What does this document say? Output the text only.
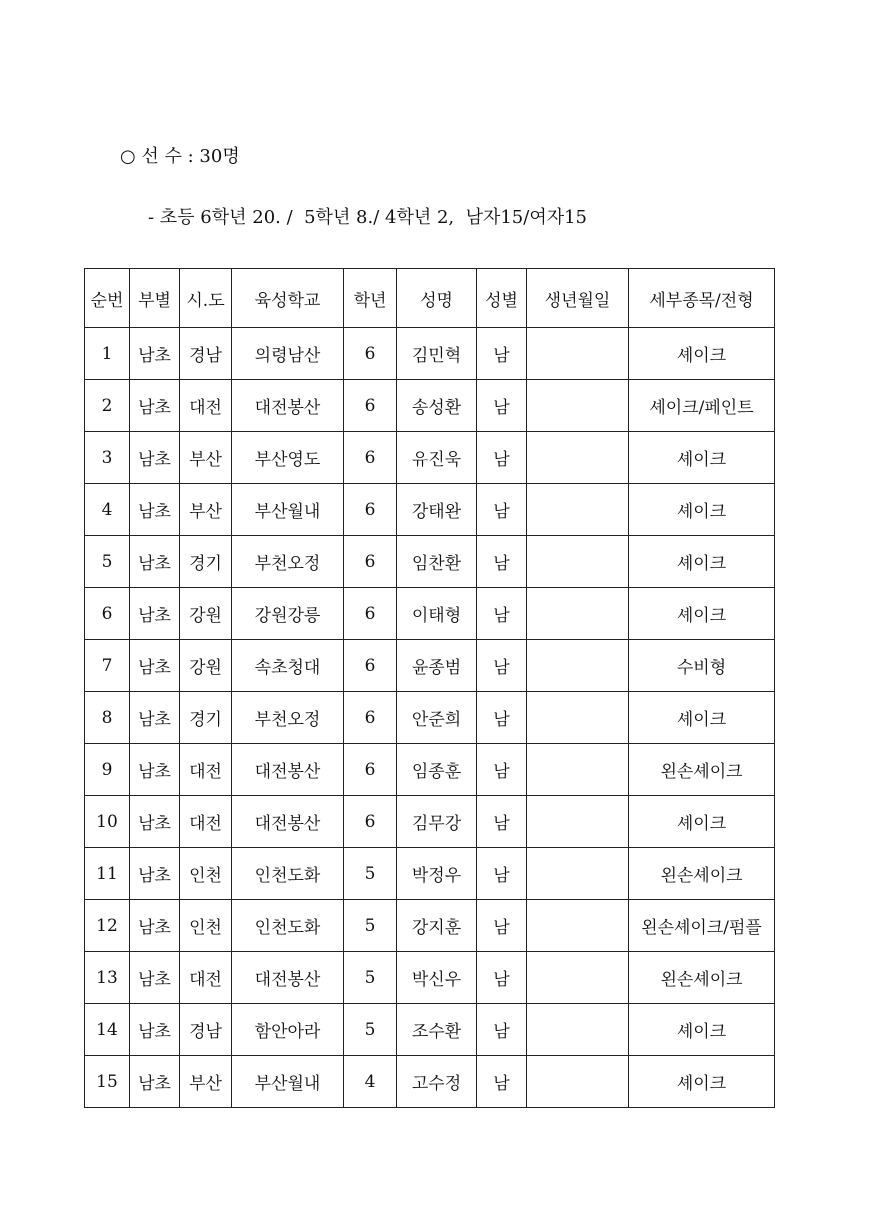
○ 선 수 : 30명
- 초등 6학년 20. /  5학년 8./ 4학년 2,  남자15/여자15
순번	부별	시.도	육성학교	학년	성명	성별	생년월일	세부종목/전형
1	남초	경남	의령남산	6	김민혁	남		셰이크
2	남초	대전	대전봉산	6	송성환	남		셰이크/페인트
3	남초	부산	부산영도	6	유진욱	남		셰이크
4	남초	부산	부산월내	6	강태완	남		셰이크
5	남초	경기	부천오정	6	임찬환	남		셰이크
6	남초	강원	강원강릉	6	이태형	남		셰이크
7	남초	강원	속초청대	6	윤종범	남		수비형
8	남초	경기	부천오정	6	안준희	남		셰이크
9	남초	대전	대전봉산	6	임종훈	남		왼손셰이크
10	남초	대전	대전봉산	6	김무강	남		셰이크
11	남초	인천	인천도화	5	박정우	남		왼손셰이크
12	남초	인천	인천도화	5	강지훈	남		왼손셰이크/펌플
13	남초	대전	대전봉산	5	박신우	남		왼손셰이크
14	남초	경남	함안아라	5	조수환	남		셰이크
15	남초	부산	부산월내	4	고수정	남		셰이크
